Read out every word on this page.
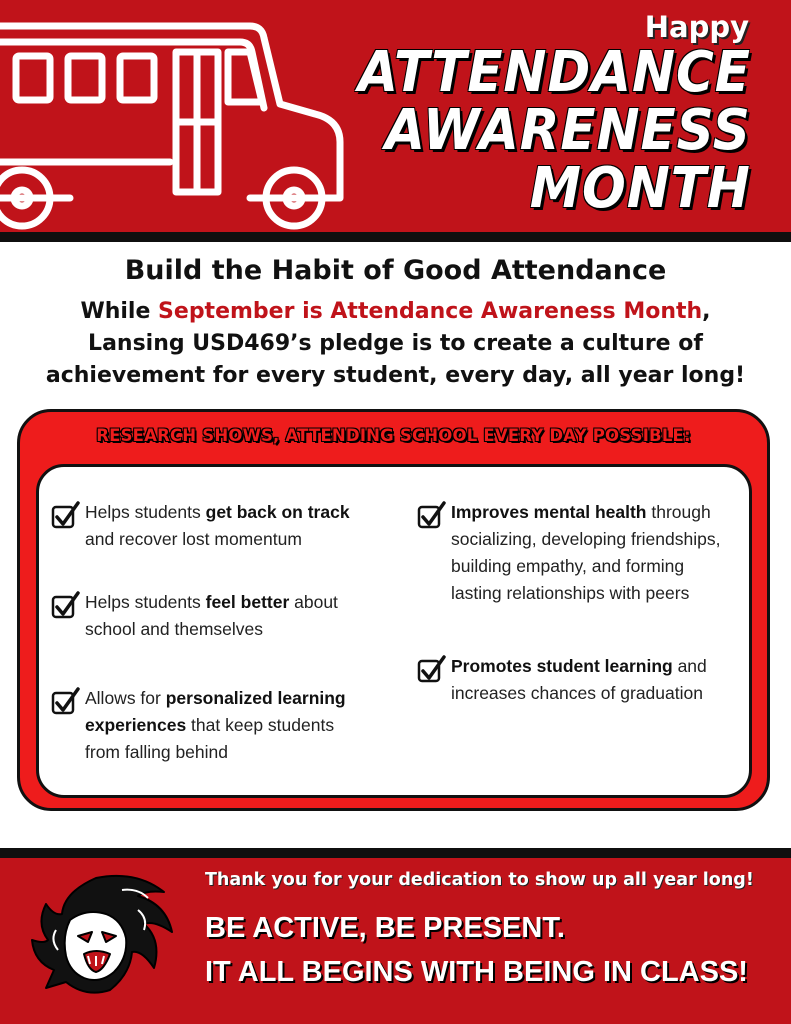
Happy
ATTENDANCE
AWARENESS
MONTH
Build the Habit of Good Attendance
While September is Attendance Awareness Month,
Lansing USD469’s pledge is to create a culture of
achievement for every student, every day, all year long!
RESEARCH SHOWS, ATTENDING SCHOOL EVERY DAY POSSIBLE:
Helps students get back on track
and recover lost momentum
Helps students feel better about school and themselves
Allows for personalized learning experiences that keep students from falling behind
Improves mental health through socializing, developing friendships, building empathy, and forming lasting relationships with peers
Promotes student learning and increases chances of graduation
Thank you for your dedication to show up all year long!
BE ACTIVE, BE PRESENT.
IT ALL BEGINS WITH BEING IN CLASS!
